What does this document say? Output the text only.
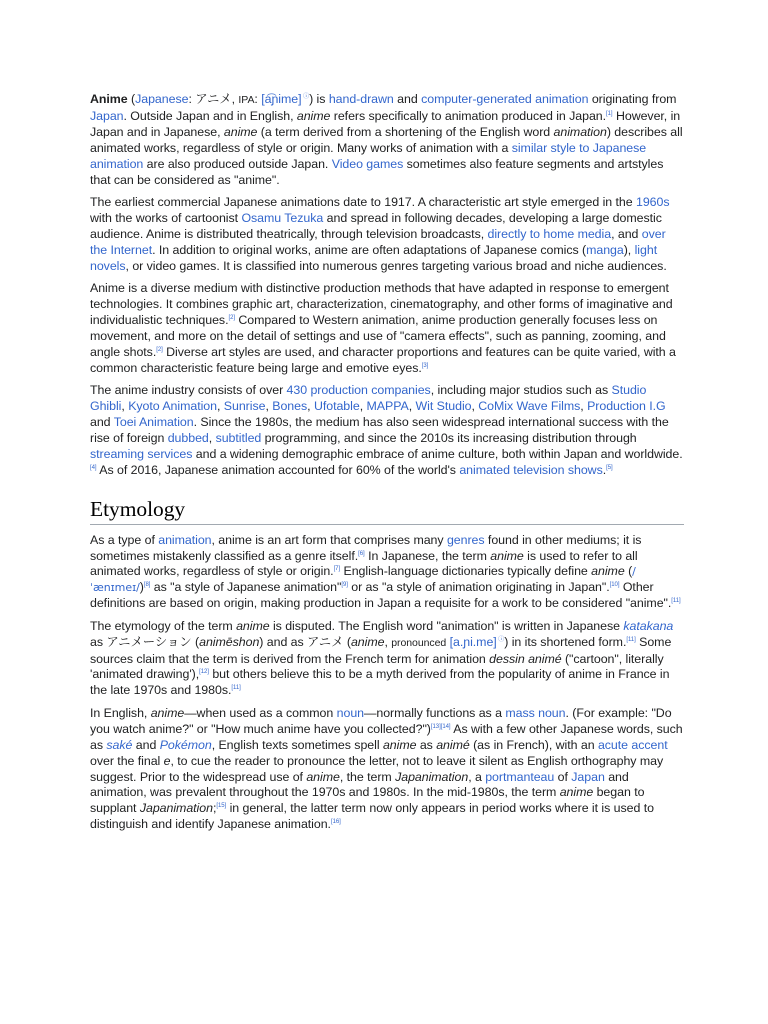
Anime (Japanese: アニメ, IPA: [a͡ɲime] ⓘ) is hand-drawn and computer-generated animation originating from Japan. Outside Japan and in English, anime refers specifically to animation produced in Japan.[1] However, in Japan and in Japanese, anime (a term derived from a shortening of the English word animation) describes all animated works, regardless of style or origin. Many works of animation with a similar style to Japanese animation are also produced outside Japan. Video games sometimes also feature segments and artstyles that can be considered as "anime".

The earliest commercial Japanese animations date to 1917. A characteristic art style emerged in the 1960s with the works of cartoonist Osamu Tezuka and spread in following decades, developing a large domestic audience. Anime is distributed theatrically, through television broadcasts, directly to home media, and over the Internet. In addition to original works, anime are often adaptations of Japanese comics (manga), light novels, or video games. It is classified into numerous genres targeting various broad and niche audiences.

Anime is a diverse medium with distinctive production methods that have adapted in response to emergent technologies. It combines graphic art, characterization, cinematography, and other forms of imaginative and individualistic techniques.[2] Compared to Western animation, anime production generally focuses less on movement, and more on the detail of settings and use of "camera effects", such as panning, zooming, and angle shots.[2] Diverse art styles are used, and character proportions and features can be quite varied, with a common characteristic feature being large and emotive eyes.[3]

The anime industry consists of over 430 production companies, including major studios such as Studio Ghibli, Kyoto Animation, Sunrise, Bones, Ufotable, MAPPA, Wit Studio, CoMix Wave Films, Production I.G and Toei Animation. Since the 1980s, the medium has also seen widespread international success with the rise of foreign dubbed, subtitled programming, and since the 2010s its increasing distribution through streaming services and a widening demographic embrace of anime culture, both within Japan and worldwide.[4] As of 2016, Japanese animation accounted for 60% of the world's animated television shows.[5]

Etymology

As a type of animation, anime is an art form that comprises many genres found in other mediums; it is sometimes mistakenly classified as a genre itself.[6] In Japanese, the term anime is used to refer to all animated works, regardless of style or origin.[7] English-language dictionaries typically define anime (/ˈænɪmeɪ/)[8] as "a style of Japanese animation"[9] or as "a style of animation originating in Japan".[10] Other definitions are based on origin, making production in Japan a requisite for a work to be considered "anime".[11]

The etymology of the term anime is disputed. The English word "animation" is written in Japanese katakana as アニメーション (animēshon) and as アニメ (anime, pronounced [a.ɲi.me] ⓘ) in its shortened form.[11] Some sources claim that the term is derived from the French term for animation dessin animé ("cartoon", literally 'animated drawing'),[12] but others believe this to be a myth derived from the popularity of anime in France in the late 1970s and 1980s.[11]

In English, anime—when used as a common noun—normally functions as a mass noun. (For example: "Do you watch anime?" or "How much anime have you collected?")[13][14] As with a few other Japanese words, such as saké and Pokémon, English texts sometimes spell anime as animé (as in French), with an acute accent over the final e, to cue the reader to pronounce the letter, not to leave it silent as English orthography may suggest. Prior to the widespread use of anime, the term Japanimation, a portmanteau of Japan and animation, was prevalent throughout the 1970s and 1980s. In the mid-1980s, the term anime began to supplant Japanimation;[15] in general, the latter term now only appears in period works where it is used to distinguish and identify Japanese animation.[16]
